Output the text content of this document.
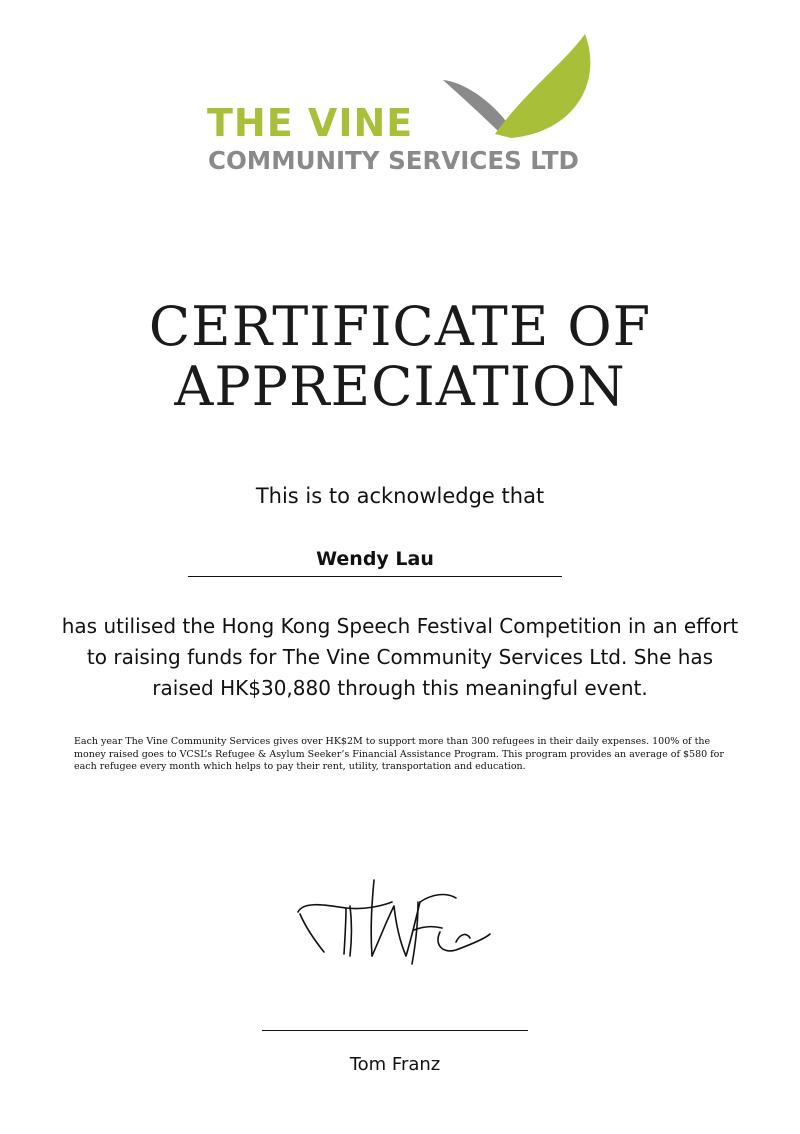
THE VINE
COMMUNITY SERVICES LTD
CERTIFICATE OF
APPRECIATION
This is to acknowledge that
Wendy Lau
has utilised the Hong Kong Speech Festival Competition in an effort to raising funds for The Vine Community Services Ltd. She has raised HK$30,880 through this meaningful event.
Each year The Vine Community Services gives over HK$2M to support more than 300 refugees in their daily expenses. 100% of the money raised goes to VCSL’s Refugee & Asylum Seeker’s Financial Assistance Program. This program provides an average of $580 for each refugee every month which helps to pay their rent, utility, transportation and education.
Tom Franz
